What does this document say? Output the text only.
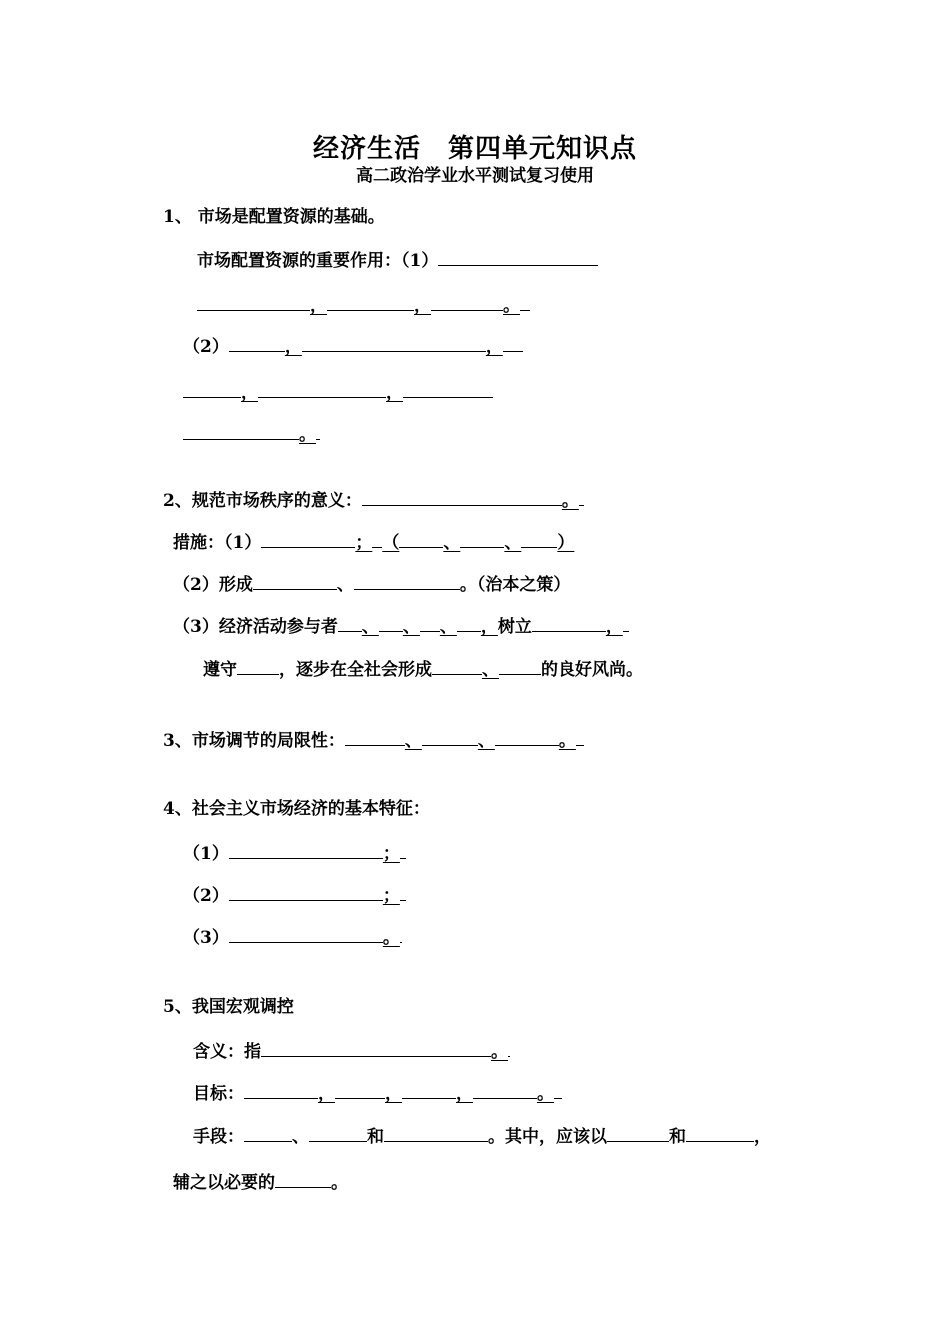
经济生活　第四单元知识点
高二政治学业水平测试复习使用
1、 市场是配置资源的基础。
市场配置资源的重要作用：（1）
，	，	。
（2）	，	，
，	，
。
2、规范市场秩序的意义：	。
措施：（1）	； （	、	、 ）
（2）形成	、	。（治本之策）
（3）经济活动参与者 、 、 、 ，树立	，
遵守 ，逐步在全社会形成	、 的良好风尚。
3、市场调节的局限性：	、	、	。
4、社会主义市场经济的基本特征：
（1）	；
（2）	；
（3）	。
5、我国宏观调控
含义：指	。
目标：	，	，	，	。
手段：	、	和	。其中，应该以	和	，
辅之以必要的	。
